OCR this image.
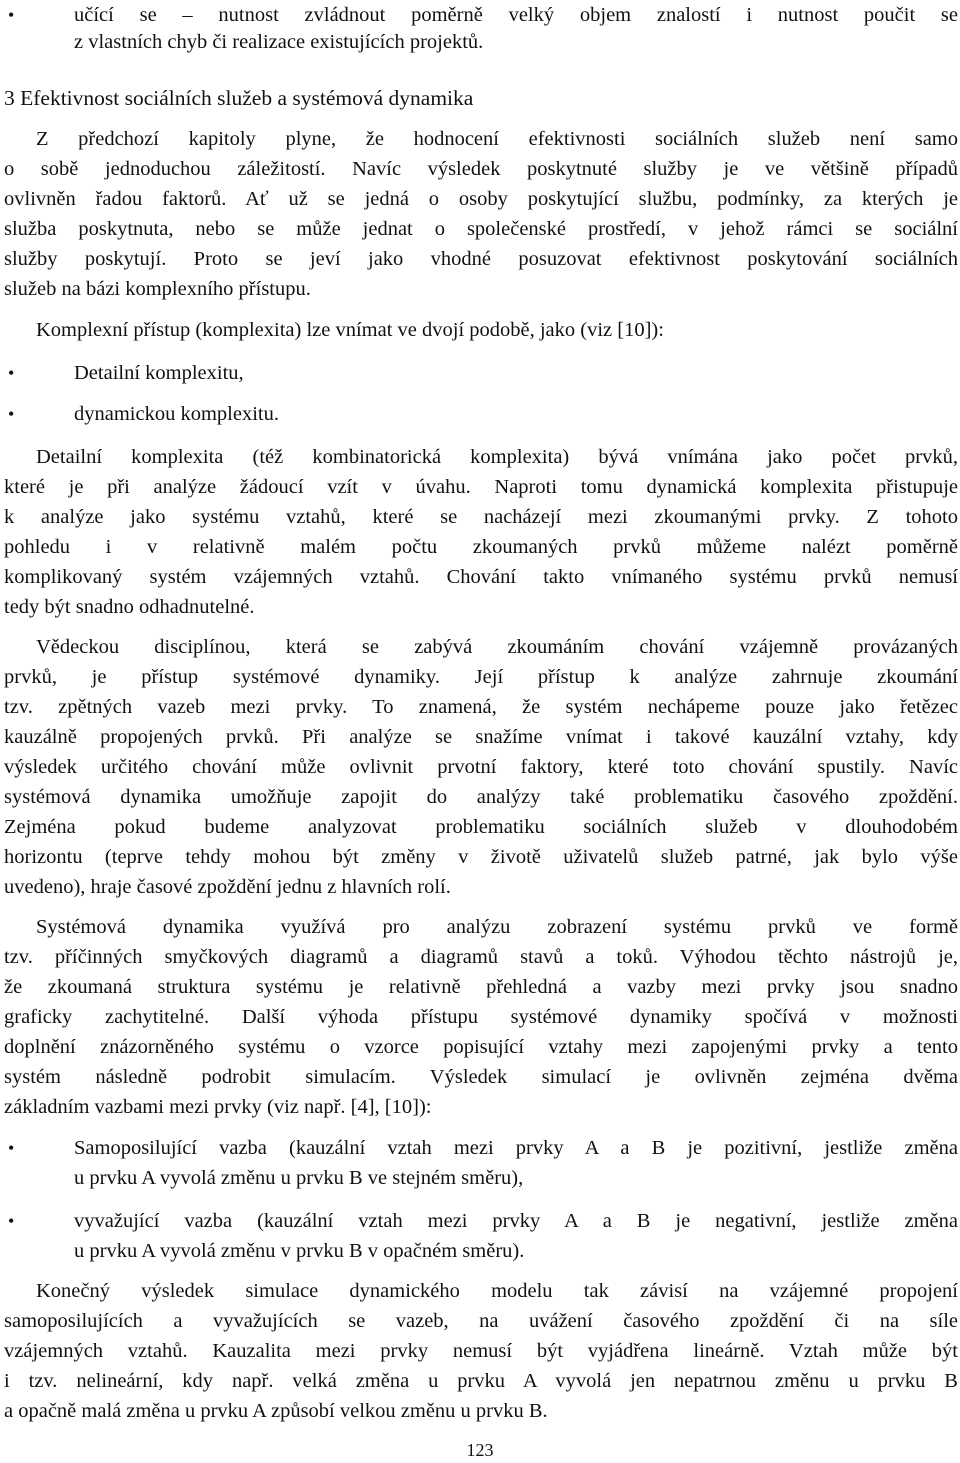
•	učící se – nutnost zvládnout poměrně velký objem znalostí i nutnost poučit se
z vlastních chyb či realizace existujících projektů.
3 Efektivnost sociálních služeb a systémová dynamika
Z předchozí kapitoly plyne, že hodnocení efektivnosti sociálních služeb není samo
o sobě jednoduchou záležitostí. Navíc výsledek poskytnuté služby je ve většině případů
ovlivněn řadou faktorů. Ať už se jedná o osoby poskytující službu, podmínky, za kterých je
služba poskytnuta, nebo se může jednat o společenské prostředí, v jehož rámci se sociální
služby poskytují. Proto se jeví jako vhodné posuzovat efektivnost poskytování sociálních
služeb na bázi komplexního přístupu.
Komplexní přístup (komplexita) lze vnímat ve dvojí podobě, jako (viz [10]):
•	Detailní komplexitu,
•	dynamickou komplexitu.
Detailní komplexita (též kombinatorická komplexita) bývá vnímána jako počet prvků,
které je při analýze žádoucí vzít v úvahu. Naproti tomu dynamická komplexita přistupuje
k analýze jako systému vztahů, které se nacházejí mezi zkoumanými prvky. Z tohoto
pohledu i v relativně malém počtu zkoumaných prvků můžeme nalézt poměrně
komplikovaný systém vzájemných vztahů. Chování takto vnímaného systému prvků nemusí
tedy být snadno odhadnutelné.
Vědeckou disciplínou, která se zabývá zkoumáním chování vzájemně provázaných
prvků, je přístup systémové dynamiky. Její přístup k analýze zahrnuje zkoumání
tzv. zpětných vazeb mezi prvky. To znamená, že systém nechápeme pouze jako řetězec
kauzálně propojených prvků. Při analýze se snažíme vnímat i takové kauzální vztahy, kdy
výsledek určitého chování může ovlivnit prvotní faktory, které toto chování spustily. Navíc
systémová dynamika umožňuje zapojit do analýzy také problematiku časového zpoždění.
Zejména pokud budeme analyzovat problematiku sociálních služeb v dlouhodobém
horizontu (teprve tehdy mohou být změny v životě uživatelů služeb patrné, jak bylo výše
uvedeno), hraje časové zpoždění jednu z hlavních rolí.
Systémová dynamika využívá pro analýzu zobrazení systému prvků ve formě
tzv. příčinných smyčkových diagramů a diagramů stavů a toků. Výhodou těchto nástrojů je,
že zkoumaná struktura systému je relativně přehledná a vazby mezi prvky jsou snadno
graficky zachytitelné. Další výhoda přístupu systémové dynamiky spočívá v možnosti
doplnění znázorněného systému o vzorce popisující vztahy mezi zapojenými prvky a tento
systém následně podrobit simulacím. Výsledek simulací je ovlivněn zejména dvěma
základním vazbami mezi prvky (viz např. [4], [10]):
•	Samoposilující vazba (kauzální vztah mezi prvky A a B je pozitivní, jestliže změna
u prvku A vyvolá změnu u prvku B ve stejném směru),
•	vyvažující vazba (kauzální vztah mezi prvky A a B je negativní, jestliže změna
u prvku A vyvolá změnu v prvku B v opačném směru).
Konečný výsledek simulace dynamického modelu tak závisí na vzájemné propojení
samoposilujících a vyvažujících se vazeb, na uvážení časového zpoždění či na síle
vzájemných vztahů. Kauzalita mezi prvky nemusí být vyjádřena lineárně. Vztah může být
i tzv. nelineární, kdy např. velká změna u prvku A vyvolá jen nepatrnou změnu u prvku B
a opačně malá změna u prvku A způsobí velkou změnu u prvku B.
123
